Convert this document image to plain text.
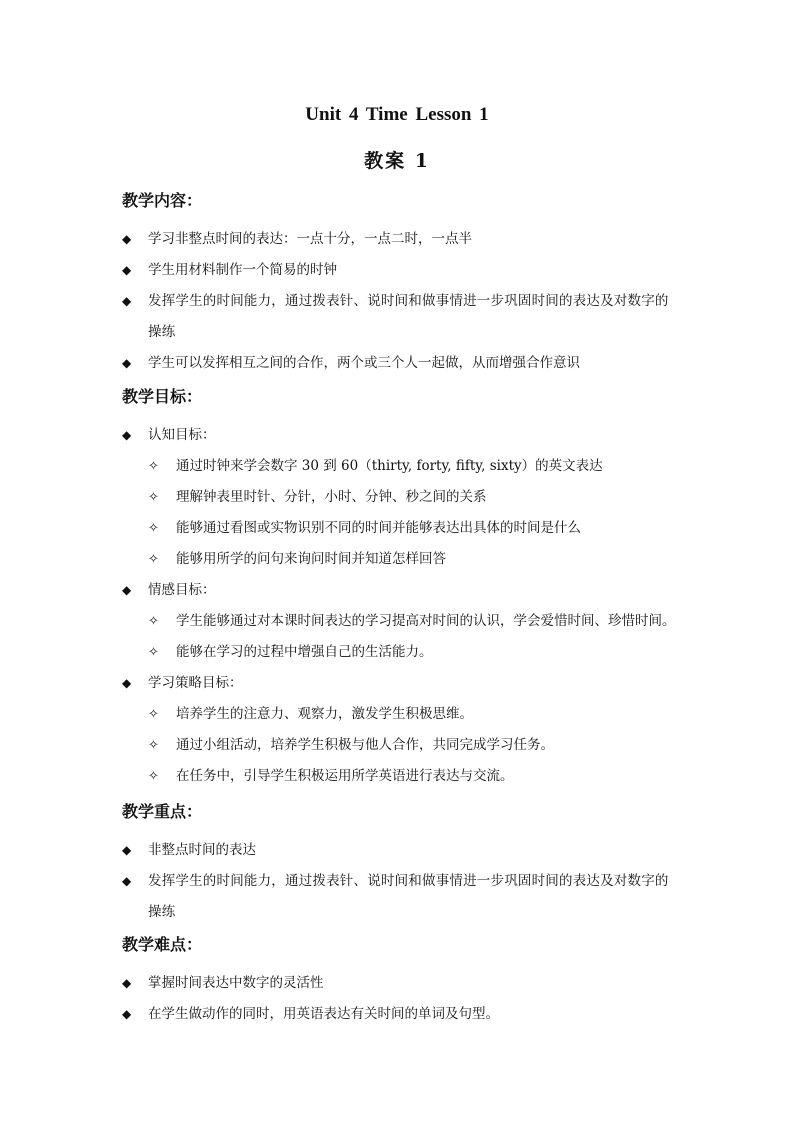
Unit 4 Time Lesson 1
教案 1
教学内容：
◆ 学习非整点时间的表达：一点十分，一点二时，一点半
◆ 学生用材料制作一个简易的时钟
◆ 发挥学生的时间能力，通过拨表针、说时间和做事情进一步巩固时间的表达及对数字的操练
◆ 学生可以发挥相互之间的合作，两个或三个人一起做，从而增强合作意识
教学目标：
◆ 认知目标：
✧ 通过时钟来学会数字 30 到 60（thirty, forty, fifty, sixty）的英文表达
✧ 理解钟表里时针、分针，小时、分钟、秒之间的关系
✧ 能够通过看图或实物识别不同的时间并能够表达出具体的时间是什么
✧ 能够用所学的问句来询问时间并知道怎样回答
◆ 情感目标：
✧ 学生能够通过对本课时间表达的学习提高对时间的认识，学会爱惜时间、珍惜时间。
✧ 能够在学习的过程中增强自己的生活能力。
◆ 学习策略目标：
✧ 培养学生的注意力、观察力，激发学生积极思维。
✧ 通过小组活动，培养学生积极与他人合作，共同完成学习任务。
✧ 在任务中，引导学生积极运用所学英语进行表达与交流。
教学重点：
◆ 非整点时间的表达
◆ 发挥学生的时间能力，通过拨表针、说时间和做事情进一步巩固时间的表达及对数字的操练
教学难点：
◆ 掌握时间表达中数字的灵活性
◆ 在学生做动作的同时，用英语表达有关时间的单词及句型。
